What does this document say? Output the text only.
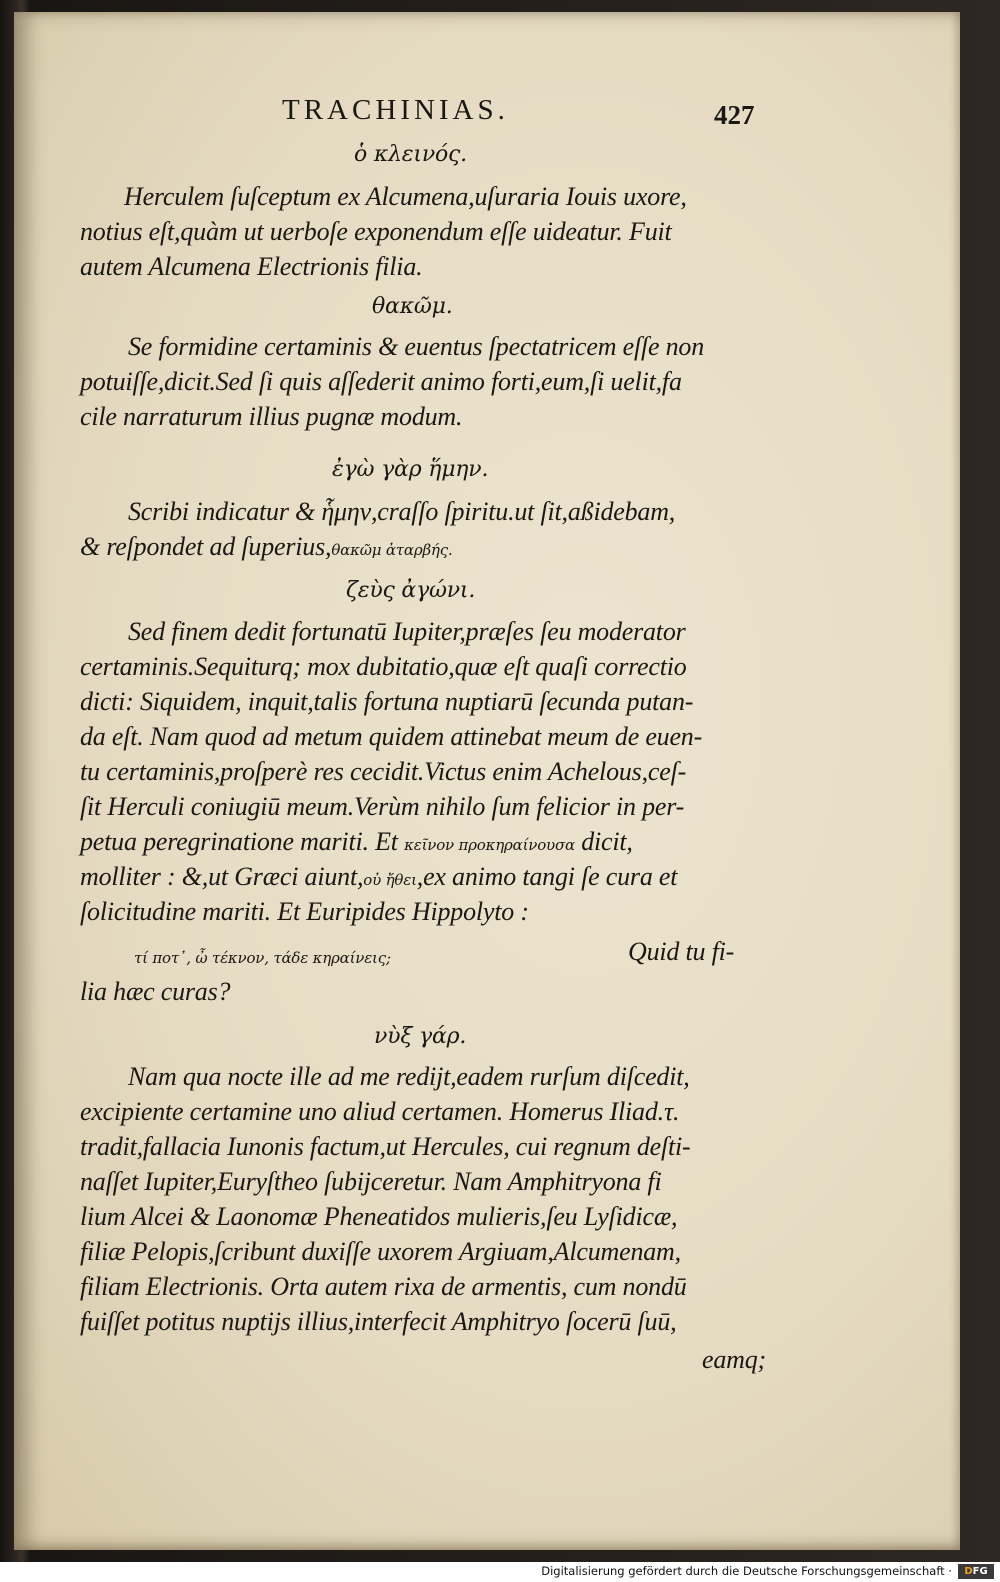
TRACHINIAS.	427
ὁ κλεινός.
Herculem ſuſceptum ex Alcumena,uſuraria Iouis uxore,
notius eſt,quàm ut uerboſe exponendum eſſe uideatur. Fuit
autem Alcumena Electrionis filia.
θακῶμ.
Se formidine certaminis & euentus ſpectatricem eſſe non
potuiſſe,dicit.Sed ſi quis aſſederit animo forti,eum,ſi uelit,fa
cile narraturum illius pugnæ modum.
ἐγὼ γὰρ ἥμην.
Scribi indicatur & ἧμην,craſſo ſpiritu.ut ſit,aßidebam,
& reſpondet ad ſuperius,θακῶμ ἀταρβής.
ζεὺς ἀγώνι.
Sed finem dedit fortunatū Iupiter,præſes ſeu moderator
certaminis.Sequiturq; mox dubitatio,quæ eſt quaſi correctio
dicti: Siquidem, inquit,talis fortuna nuptiarū ſecunda putan-
da eſt. Nam quod ad metum quidem attinebat meum de euen-
tu certaminis,proſperè res cecidit.Victus enim Achelous,ceſ-
ſit Herculi coniugiū meum.Verùm nihilo ſum felicior in per-
petua peregrinatione mariti. Et κεῖνον προκηραίνουσα dicit,
molliter : &,ut Græci aiunt,οὐ ἤθει,ex animo tangi ſe cura et
ſolicitudine mariti. Et Euripides Hippolyto :
τί ποτ᾽, ὦ τέκνον, τάδε κηραίνεις;	Quid tu fi-
lia hæc curas?
νὺξ γάρ.
Nam qua nocte ille ad me redijt,eadem rurſum diſcedit,
excipiente certamine uno aliud certamen. Homerus Iliad.τ.
tradit,fallacia Iunonis factum,ut Hercules, cui regnum deſti-
naſſet Iupiter,Euryſtheo ſubijceretur. Nam Amphitryona fi
lium Alcei & Laonomæ Pheneatidos mulieris,ſeu Lyſidicæ,
filiæ Pelopis,ſcribunt duxiſſe uxorem Argiuam,Alcumenam,
filiam Electrionis. Orta autem rixa de armentis, cum nondū
fuiſſet potitus nuptijs illius,interfecit Amphitryo ſocerū ſuū,
eamq;
Digitalisierung gefördert durch die Deutsche Forschungsgemeinschaft ·	DFG
